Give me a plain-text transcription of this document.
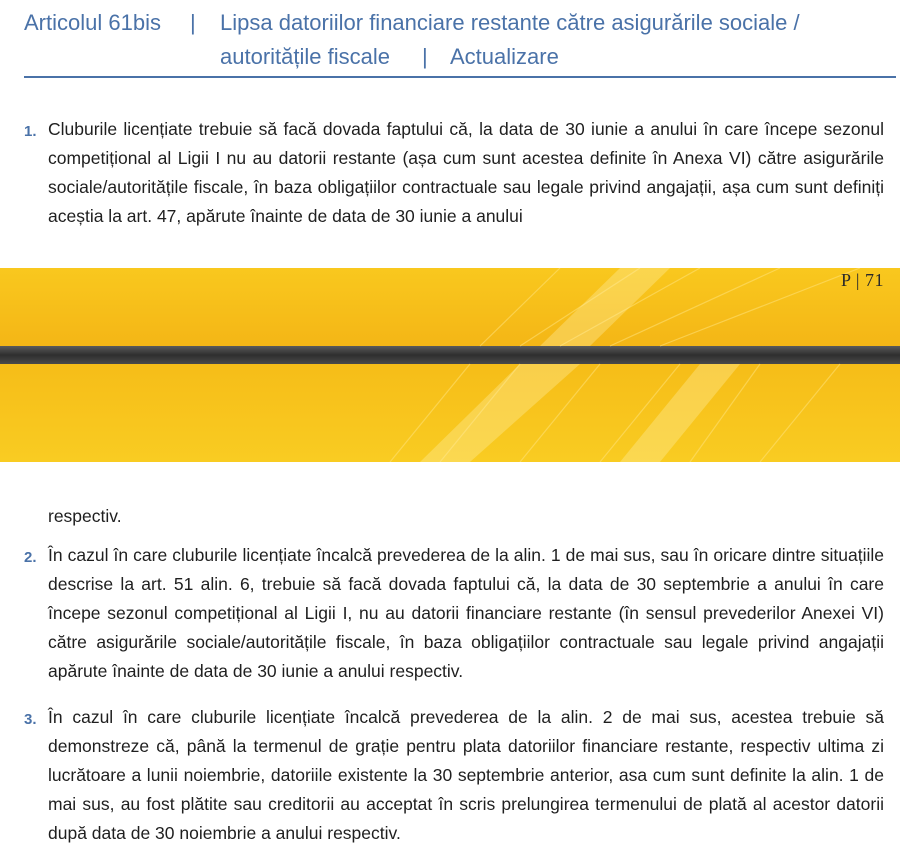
Articolul 61bis | Lipsa datoriilor financiare restante către asigurările sociale /
autoritățile fiscale | Actualizare
1. Cluburile licențiate trebuie să facă dovada faptului că, la data de 30 iunie a anului în care începe sezonul competițional al Ligii I nu au datorii restante (așa cum sunt acestea definite în Anexa VI) către asigurările sociale/autoritățile fiscale, în baza obligațiilor contractuale sau legale privind angajații, așa cum sunt definiți aceștia la art. 47, apărute înainte de data de 30 iunie a anului
P | 71
respectiv.
2. În cazul în care cluburile licențiate încalcă prevederea de la alin. 1 de mai sus, sau în oricare dintre situațiile descrise la art. 51 alin. 6, trebuie să facă dovada faptului că, la data de 30 septembrie a anului în care începe sezonul competițional al Ligii I, nu au datorii financiare restante (în sensul prevederilor Anexei VI) către asigurările sociale/autoritățile fiscale, în baza obligațiilor contractuale sau legale privind angajații apărute înainte de data de 30 iunie a anului respectiv.
3. În cazul în care cluburile licențiate încalcă prevederea de la alin. 2 de mai sus, acestea trebuie să demonstreze că, până la termenul de grație pentru plata datoriilor financiare restante, respectiv ultima zi lucrătoare a lunii noiembrie, datoriile existente la 30 septembrie anterior, asa cum sunt definite la alin. 1 de mai sus, au fost plătite sau creditorii au acceptat în scris prelungirea termenului de plată al acestor datorii după data de 30 noiembrie a anului respectiv.
